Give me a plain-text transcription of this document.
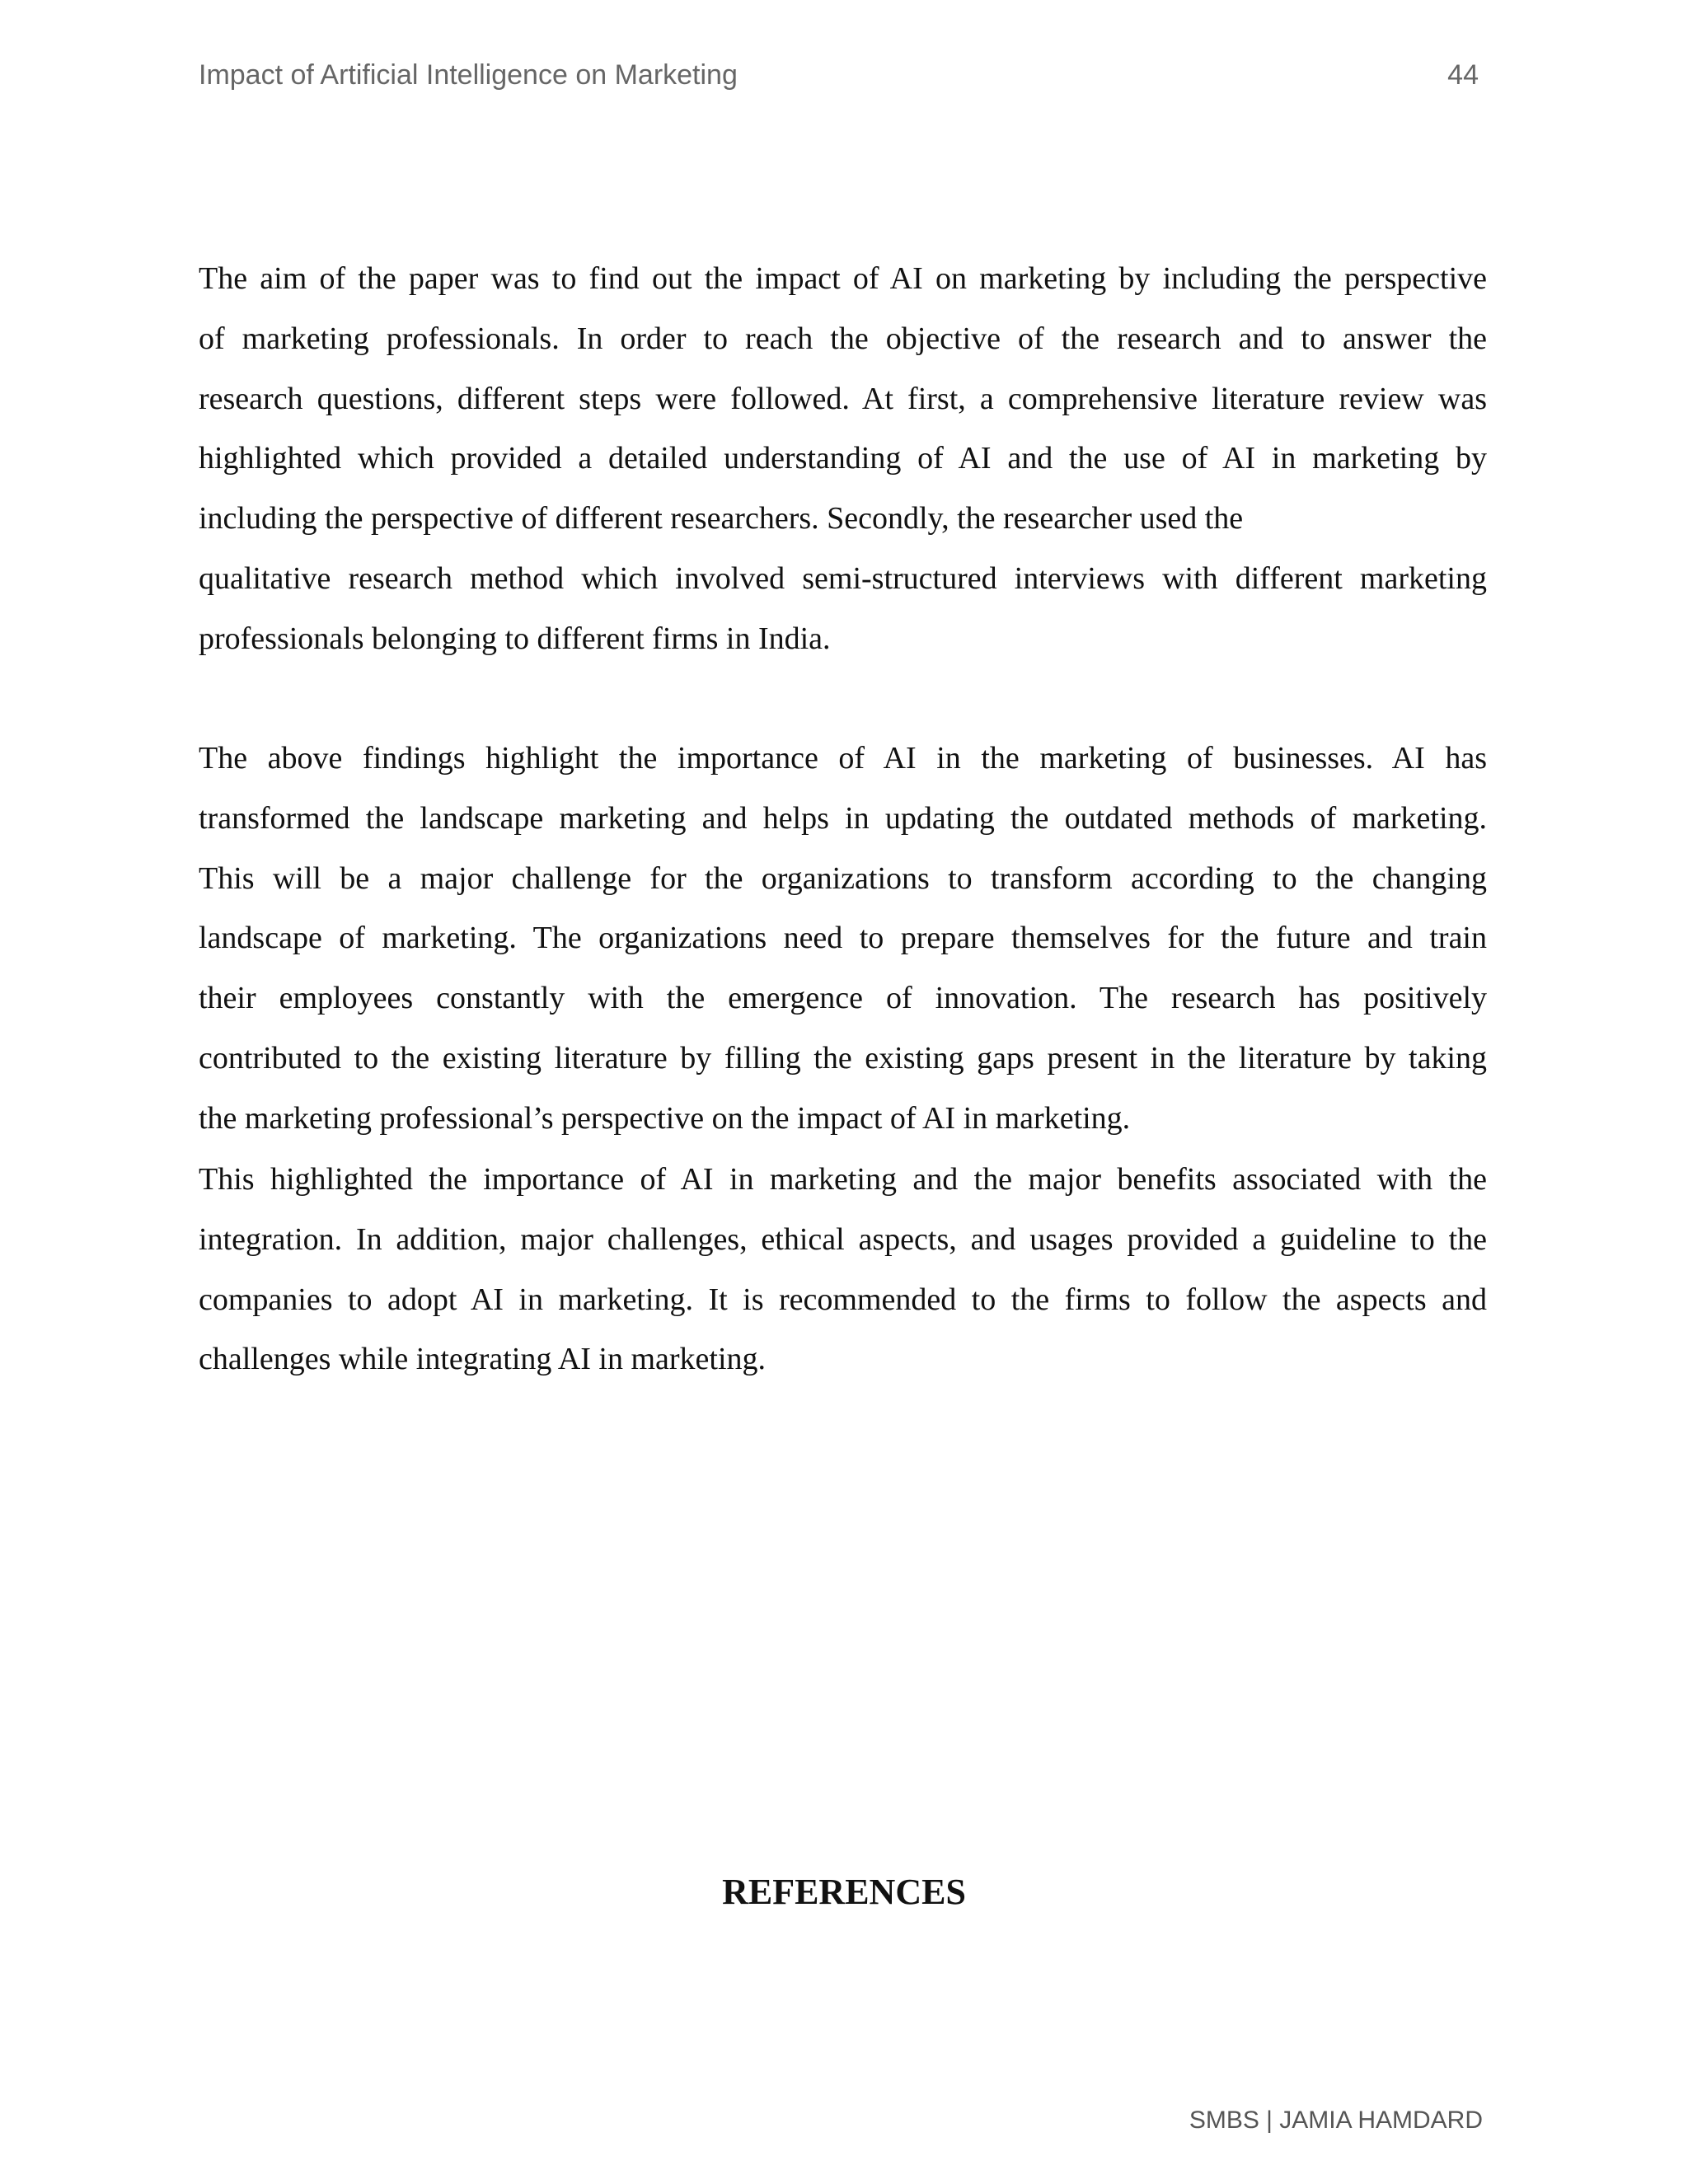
Impact of Artificial Intelligence on Marketing	44
The aim of the paper was to find out the impact of AI on marketing by including the perspective
of marketing professionals. In order to reach the objective of the research and to answer the
research questions, different steps were followed. At first, a comprehensive literature review was
highlighted which provided a detailed understanding of AI and the use of AI in marketing by
including the perspective of different researchers. Secondly, the researcher used the
qualitative research method which involved semi-structured interviews with different marketing
professionals belonging to different firms in India.
The above findings highlight the importance of AI in the marketing of businesses. AI has
transformed the landscape marketing and helps in updating the outdated methods of marketing.
This will be a major challenge for the organizations to transform according to the changing
landscape of marketing. The organizations need to prepare themselves for the future and train
their employees constantly with the emergence of innovation. The research has positively
contributed to the existing literature by filling the existing gaps present in the literature by taking
the marketing professional’s perspective on the impact of AI in marketing.
This highlighted the importance of AI in marketing and the major benefits associated with the
integration. In addition, major challenges, ethical aspects, and usages provided a guideline to the
companies to adopt AI in marketing. It is recommended to the firms to follow the aspects and
challenges while integrating AI in marketing.
REFERENCES
SMBS | JAMIA HAMDARD
